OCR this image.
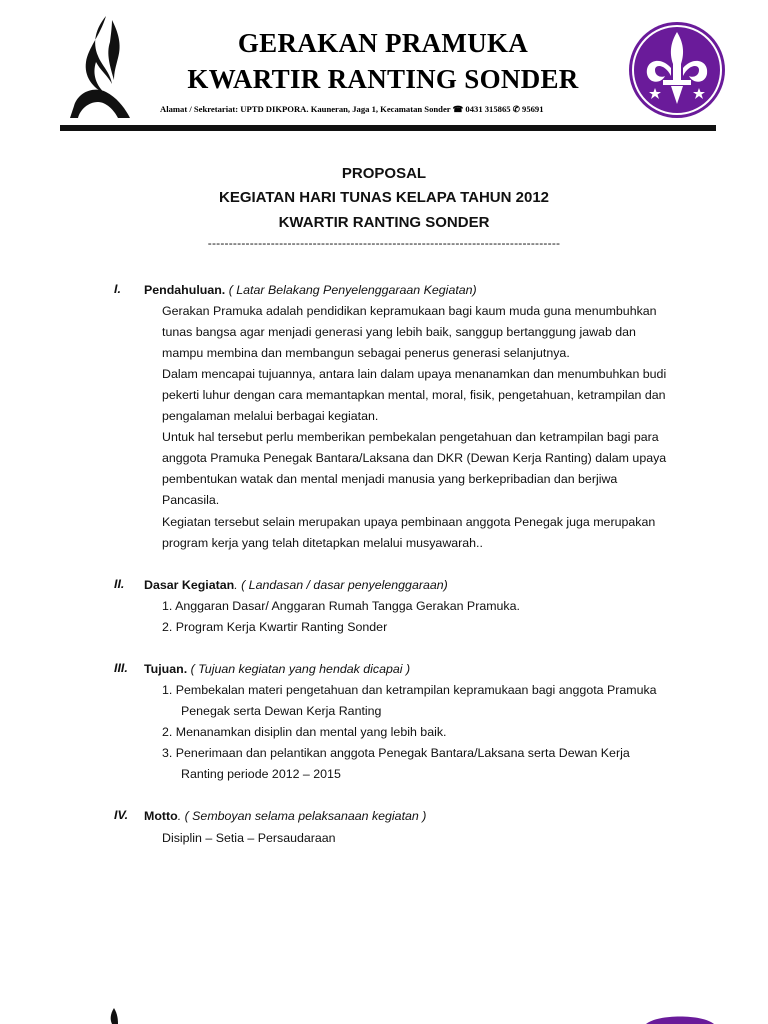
GERAKAN PRAMUKA
KWARTIR RANTING SONDER
Alamat / Sekretariat: UPTD DIKPORA. Kauneran, Jaga 1, Kecamatan Sonder ☎ 0431 315865 ✆ 95691
PROPOSAL
KEGIATAN HARI TUNAS KELAPA TAHUN 2012
KWARTIR RANTING SONDER
------------------------------------------------------------------------------------
I. Pendahuluan. ( Latar Belakang Penyelenggaraan Kegiatan)
Gerakan Pramuka adalah pendidikan kepramukaan bagi kaum muda guna menumbuhkan
tunas bangsa agar menjadi generasi yang lebih baik, sanggup bertanggung jawab dan
mampu membina dan membangun sebagai penerus generasi selanjutnya.
Dalam mencapai tujuannya, antara lain dalam upaya menanamkan dan menumbuhkan budi
pekerti luhur dengan cara memantapkan mental, moral, fisik, pengetahuan, ketrampilan dan
pengalaman melalui berbagai kegiatan.
Untuk hal tersebut perlu memberikan pembekalan pengetahuan dan ketrampilan bagi para
anggota Pramuka Penegak Bantara/Laksana dan DKR (Dewan Kerja Ranting) dalam upaya
pembentukan watak dan mental menjadi manusia yang berkepribadian dan berjiwa
Pancasila.
Kegiatan tersebut selain merupakan upaya pembinaan anggota Penegak juga merupakan
program kerja yang telah ditetapkan melalui musyawarah..
II. Dasar Kegiatan. ( Landasan / dasar penyelenggaraan)
1. Anggaran Dasar/ Anggaran Rumah Tangga Gerakan Pramuka.
2. Program Kerja Kwartir Ranting Sonder
III. Tujuan. ( Tujuan kegiatan yang hendak dicapai )
1. Pembekalan materi pengetahuan dan ketrampilan kepramukaan bagi anggota Pramuka
Penegak serta Dewan Kerja Ranting
2. Menanamkan disiplin dan mental yang lebih baik.
3. Penerimaan dan pelantikan anggota Penegak Bantara/Laksana serta Dewan Kerja
Ranting periode 2012 – 2015
IV. Motto. ( Semboyan selama pelaksanaan kegiatan )
Disiplin – Setia – Persaudaraan
